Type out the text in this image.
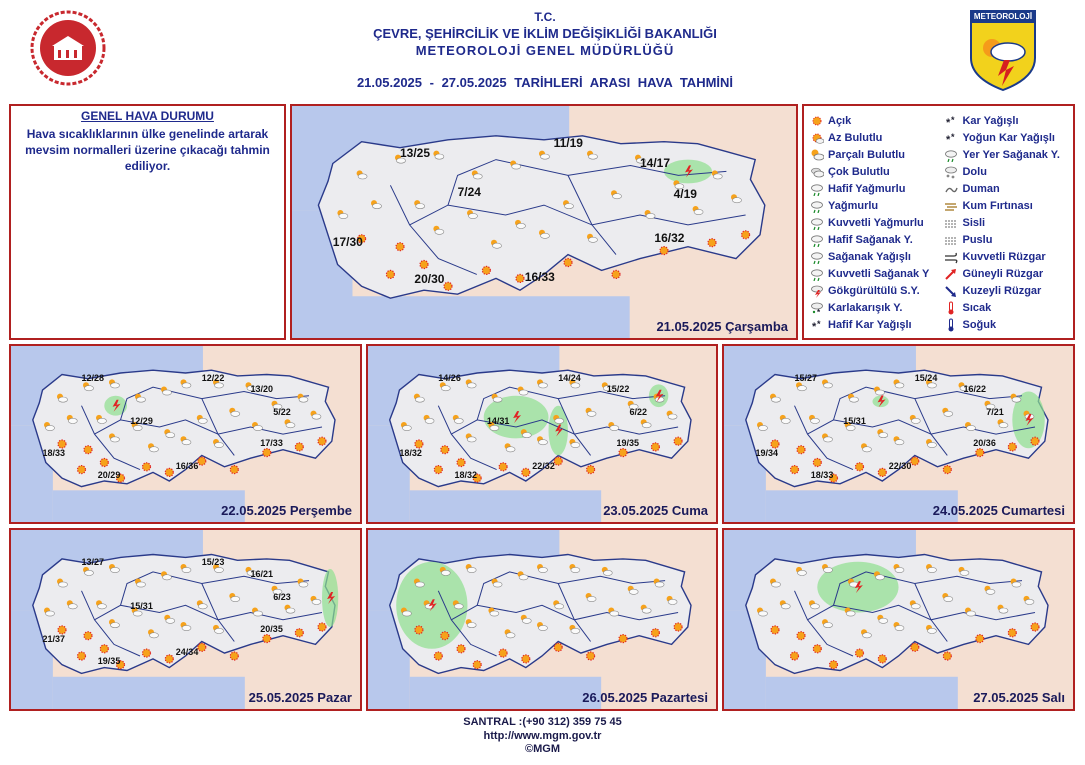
T.C.
ÇEVRE, ŞEHİRCİLİK VE İKLİM DEĞİŞİKLİĞİ BAKANLIĞI
METEOROLOJİ GENEL MÜDÜRLÜĞÜ
21.05.2025 - 27.05.2025 TARİHLERİ ARASI HAVA TAHMİNİ
METEOROLOJİ
GENEL HAVA DURUMU
Hava sıcaklıklarının ülke genelinde artarak mevsim normalleri üzerine çıkacağı tahmin ediliyor.
Açık
Az Bulutlu
Parçalı Bulutlu
Çok Bulutlu
Hafif Yağmurlu
Yağmurlu
Kuvvetli Yağmurlu
Hafif Sağanak Y.
Sağanak Yağışlı
Kuvvetli Sağanak Y
Gökgürültülü S.Y.
* Karlakarışık Y.
* * Hafif Kar Yağışlı
* * Kar Yağışlı
* * Yoğun Kar Yağışlı
Yer Yer Sağanak Y.
Dolu
Duman
Kum Fırtınası
Sisli
Puslu
Kuvvetli Rüzgar
Güneyli Rüzgar
Kuzeyli Rüzgar
Sıcak
Soğuk
13/25
11/19
14/17
7/24	4/19
17/30	16/32
20/30	16/33
21.05.2025 Çarşamba
12/28	12/22
13/20
12/29
5/22
18/33
17/33
16/36
20/29
22.05.2025 Perşembe
14/26	14/24
15/22
14/31
6/22
18/32
19/35
22/32
18/32
23.05.2025 Cuma
15/27	15/24
16/22
15/31
7/21
19/34
20/36
22/30
18/33
24.05.2025 Cumartesi
13/27	15/23
16/21
15/31
6/23
21/37
20/35
24/34
19/35
25.05.2025 Pazar	26.05.2025 Pazartesi	27.05.2025 Salı
SANTRAL :(+90 312) 359 75 45
http://www.mgm.gov.tr
©MGM
